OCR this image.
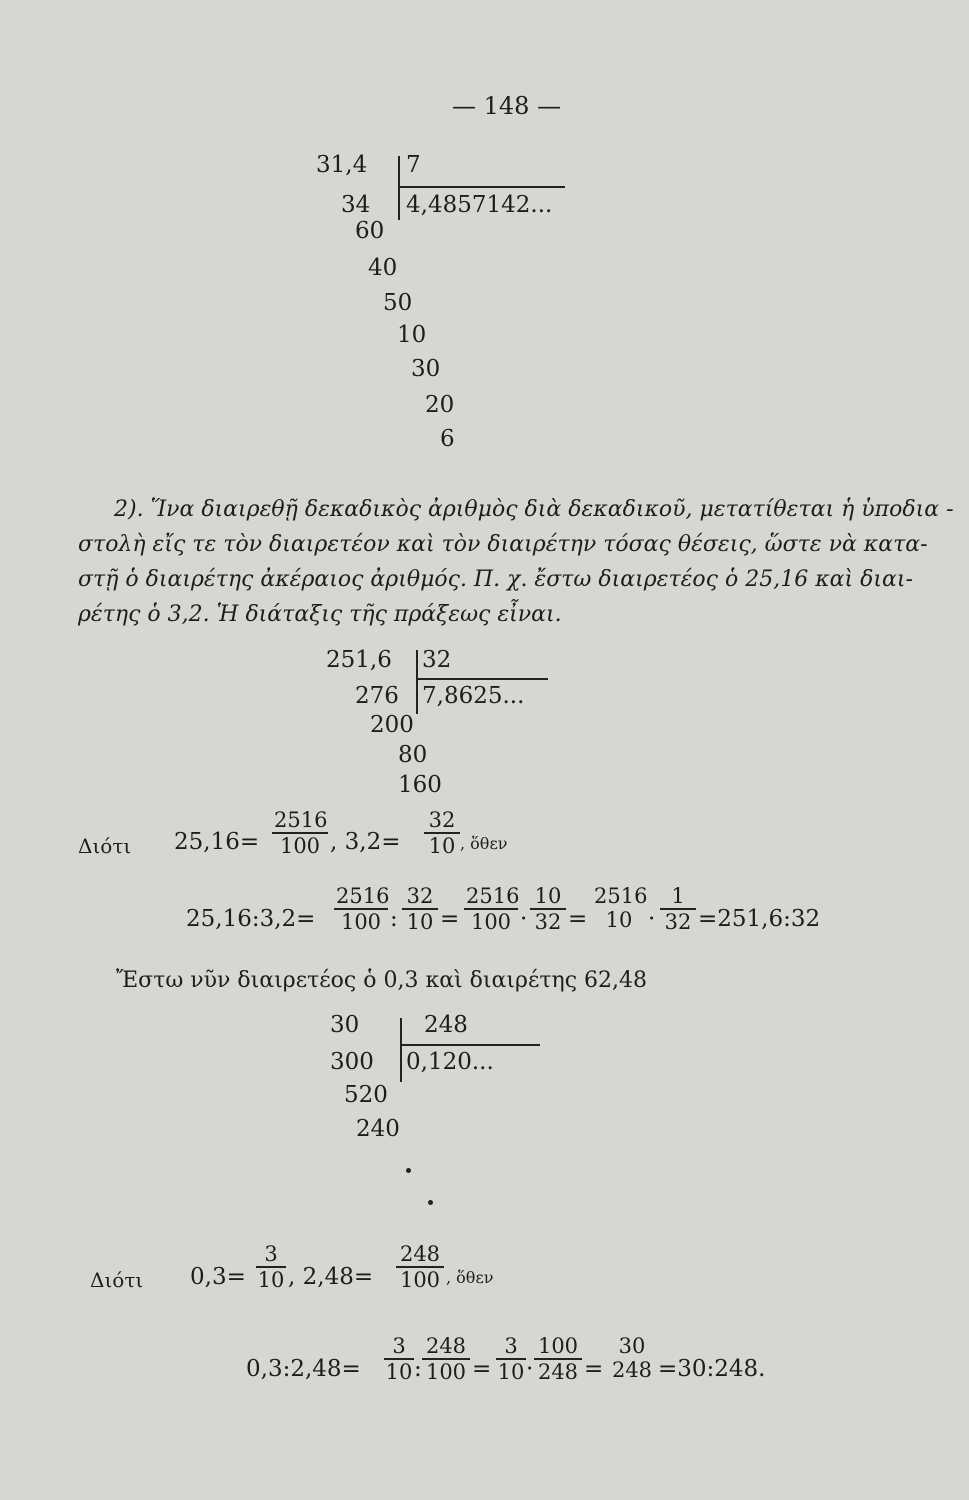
— 148 —
31,4 7
4,4857142...
34
60
40
50
10
30
20
6
2). Ἵνα διαιρεθῇ δεκαδικὸς ἀριθμὸς διὰ δεκαδικοῦ, μετατίθεται ἡ ὑποδια -
στολὴ εἴς τε τὸν διαιρετέον καὶ τὸν διαιρέτην τόσας θέσεις, ὥστε νὰ κατα-
στῇ ὁ διαιρέτης ἀκέραιος ἀριθμός. Π. χ. ἔστω διαιρετέος ὁ 25,16 καὶ διαι-
ρέτης ὁ 3,2. Ἡ διάταξις τῆς πράξεως εἶναι.
251,6 32
7,8625...
276
200
80
160
Διότι $25,16= \frac{2516}{100}$ , $3,2= \frac{32}{10}$ , ὅθεν
25,16:3,2= $\frac{2516}{100}$ : $\frac{32}{10} = \frac{2516}{100} \cdot \frac{10}{32}$ =
2516
$10 \cdot \frac{1}{32}$ =251,6:32
Ἔστω νῦν διαιρετέος ὁ 0,3 καὶ διαιρέτης 62,48
30	248
0,120...
300
520
240
Διότι $0,3= \frac{3}{10}$ , $2,48= \frac{248}{100}$ , ὅθεν
0,3:2,48= $\frac{3}{10}$ : $\frac{248}{100} = \frac{3}{10} \cdot \frac{100}{248}$ =
30
248 =30:248.
